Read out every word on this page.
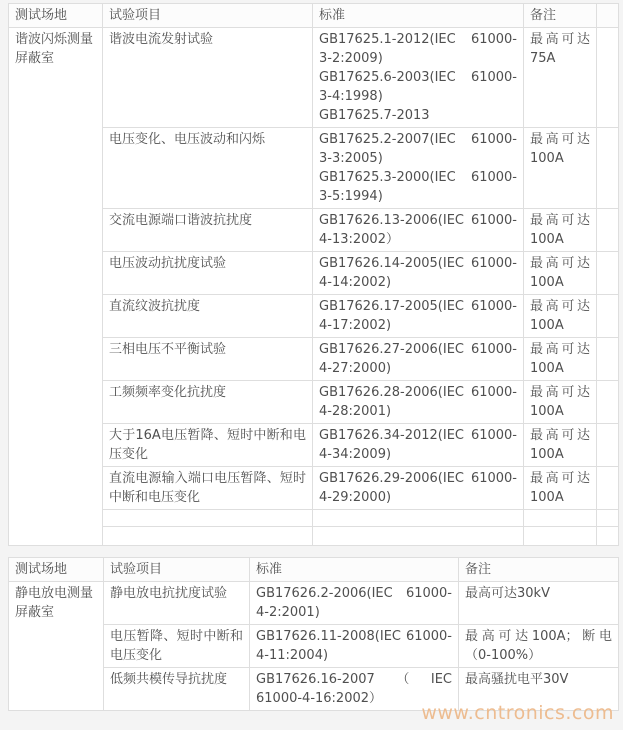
测试场地	试验项目	标准	备注	
谐波闪烁测量屏蔽室	谐波电流发射试验	GB17625.1-2012(IEC 61000-3-2:2009)
GB17625.6-2003(IEC 61000-3-4:1998)
GB17625.7-2013	最高可达75A	
	电压变化、电压波动和闪烁	GB17625.2-2007(IEC 61000-3-3:2005)
GB17625.3-2000(IEC 61000-3-5:1994)	最高可达100A	
	交流电源端口谐波抗扰度	GB17626.13-2006(IEC 61000-4-13:2002）	最高可达100A	
	电压波动抗扰度试验	GB17626.14-2005(IEC 61000-4-14:2002)	最高可达100A	
	直流纹波抗扰度	GB17626.17-2005(IEC 61000-4-17:2002)	最高可达100A	
	三相电压不平衡试验	GB17626.27-2006(IEC 61000-4-27:2000)	最高可达100A	
	工频频率变化抗扰度	GB17626.28-2006(IEC 61000-4-28:2001)	最高可达100A	
	大于16A电压暂降、短时中断和电压变化	GB17626.34-2012(IEC 61000-4-34:2009)	最高可达100A	
	直流电源输入端口电压暂降、短时中断和电压变化	GB17626.29-2006(IEC 61000-4-29:2000)	最高可达100A	

测试场地	试验项目	标准	备注
静电放电测量屏蔽室	静电放电抗扰度试验	GB17626.2-2006(IEC 61000-4-2:2001)	最高可达30kV
	电压暂降、短时中断和电压变化	GB17626.11-2008(IEC 61000-4-11:2004)	最高可达100A；断电（0-100%）
	低频共模传导抗扰度	GB17626.16-2007（IEC 61000-4-16:2002）	最高骚扰电平30V
www.cntronics.com
